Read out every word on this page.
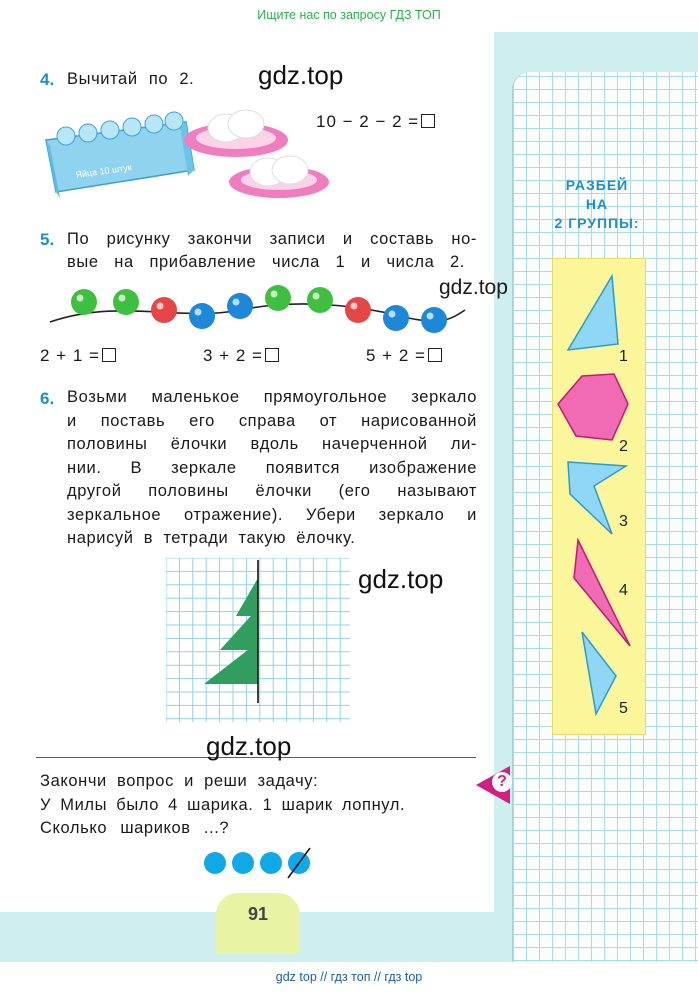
Ищите нас по запросу ГДЗ ТОП
4. Вычитай по 2. gdz.top
Яйца 10 штук
10 − 2 − 2 =
5. По рисунку закончи записи и составь но-
вые на прибавление числа 1 и числа 2.
gdz.top
2 + 1 =	3 + 2 =	5 + 2 =
6. Возьми маленькое прямоугольное зеркало
и поставь его справа от нарисованной
половины ёлочки вдоль начерченной ли-
нии. В зеркале появится изображение
другой половины ёлочки (его называют
зеркальное отражение). Убери зеркало и
нарисуй в тетради такую ёлочку.
gdz.top
gdz.top
?
Закончи вопрос и реши задачу:
У Милы было 4 шарика. 1 шарик лопнул.
Сколько шариков ...?
91
РАЗБЕЙ
НА
2 ГРУППЫ:
1
2
3
4
5
gdz top // гдз топ // гдз top
